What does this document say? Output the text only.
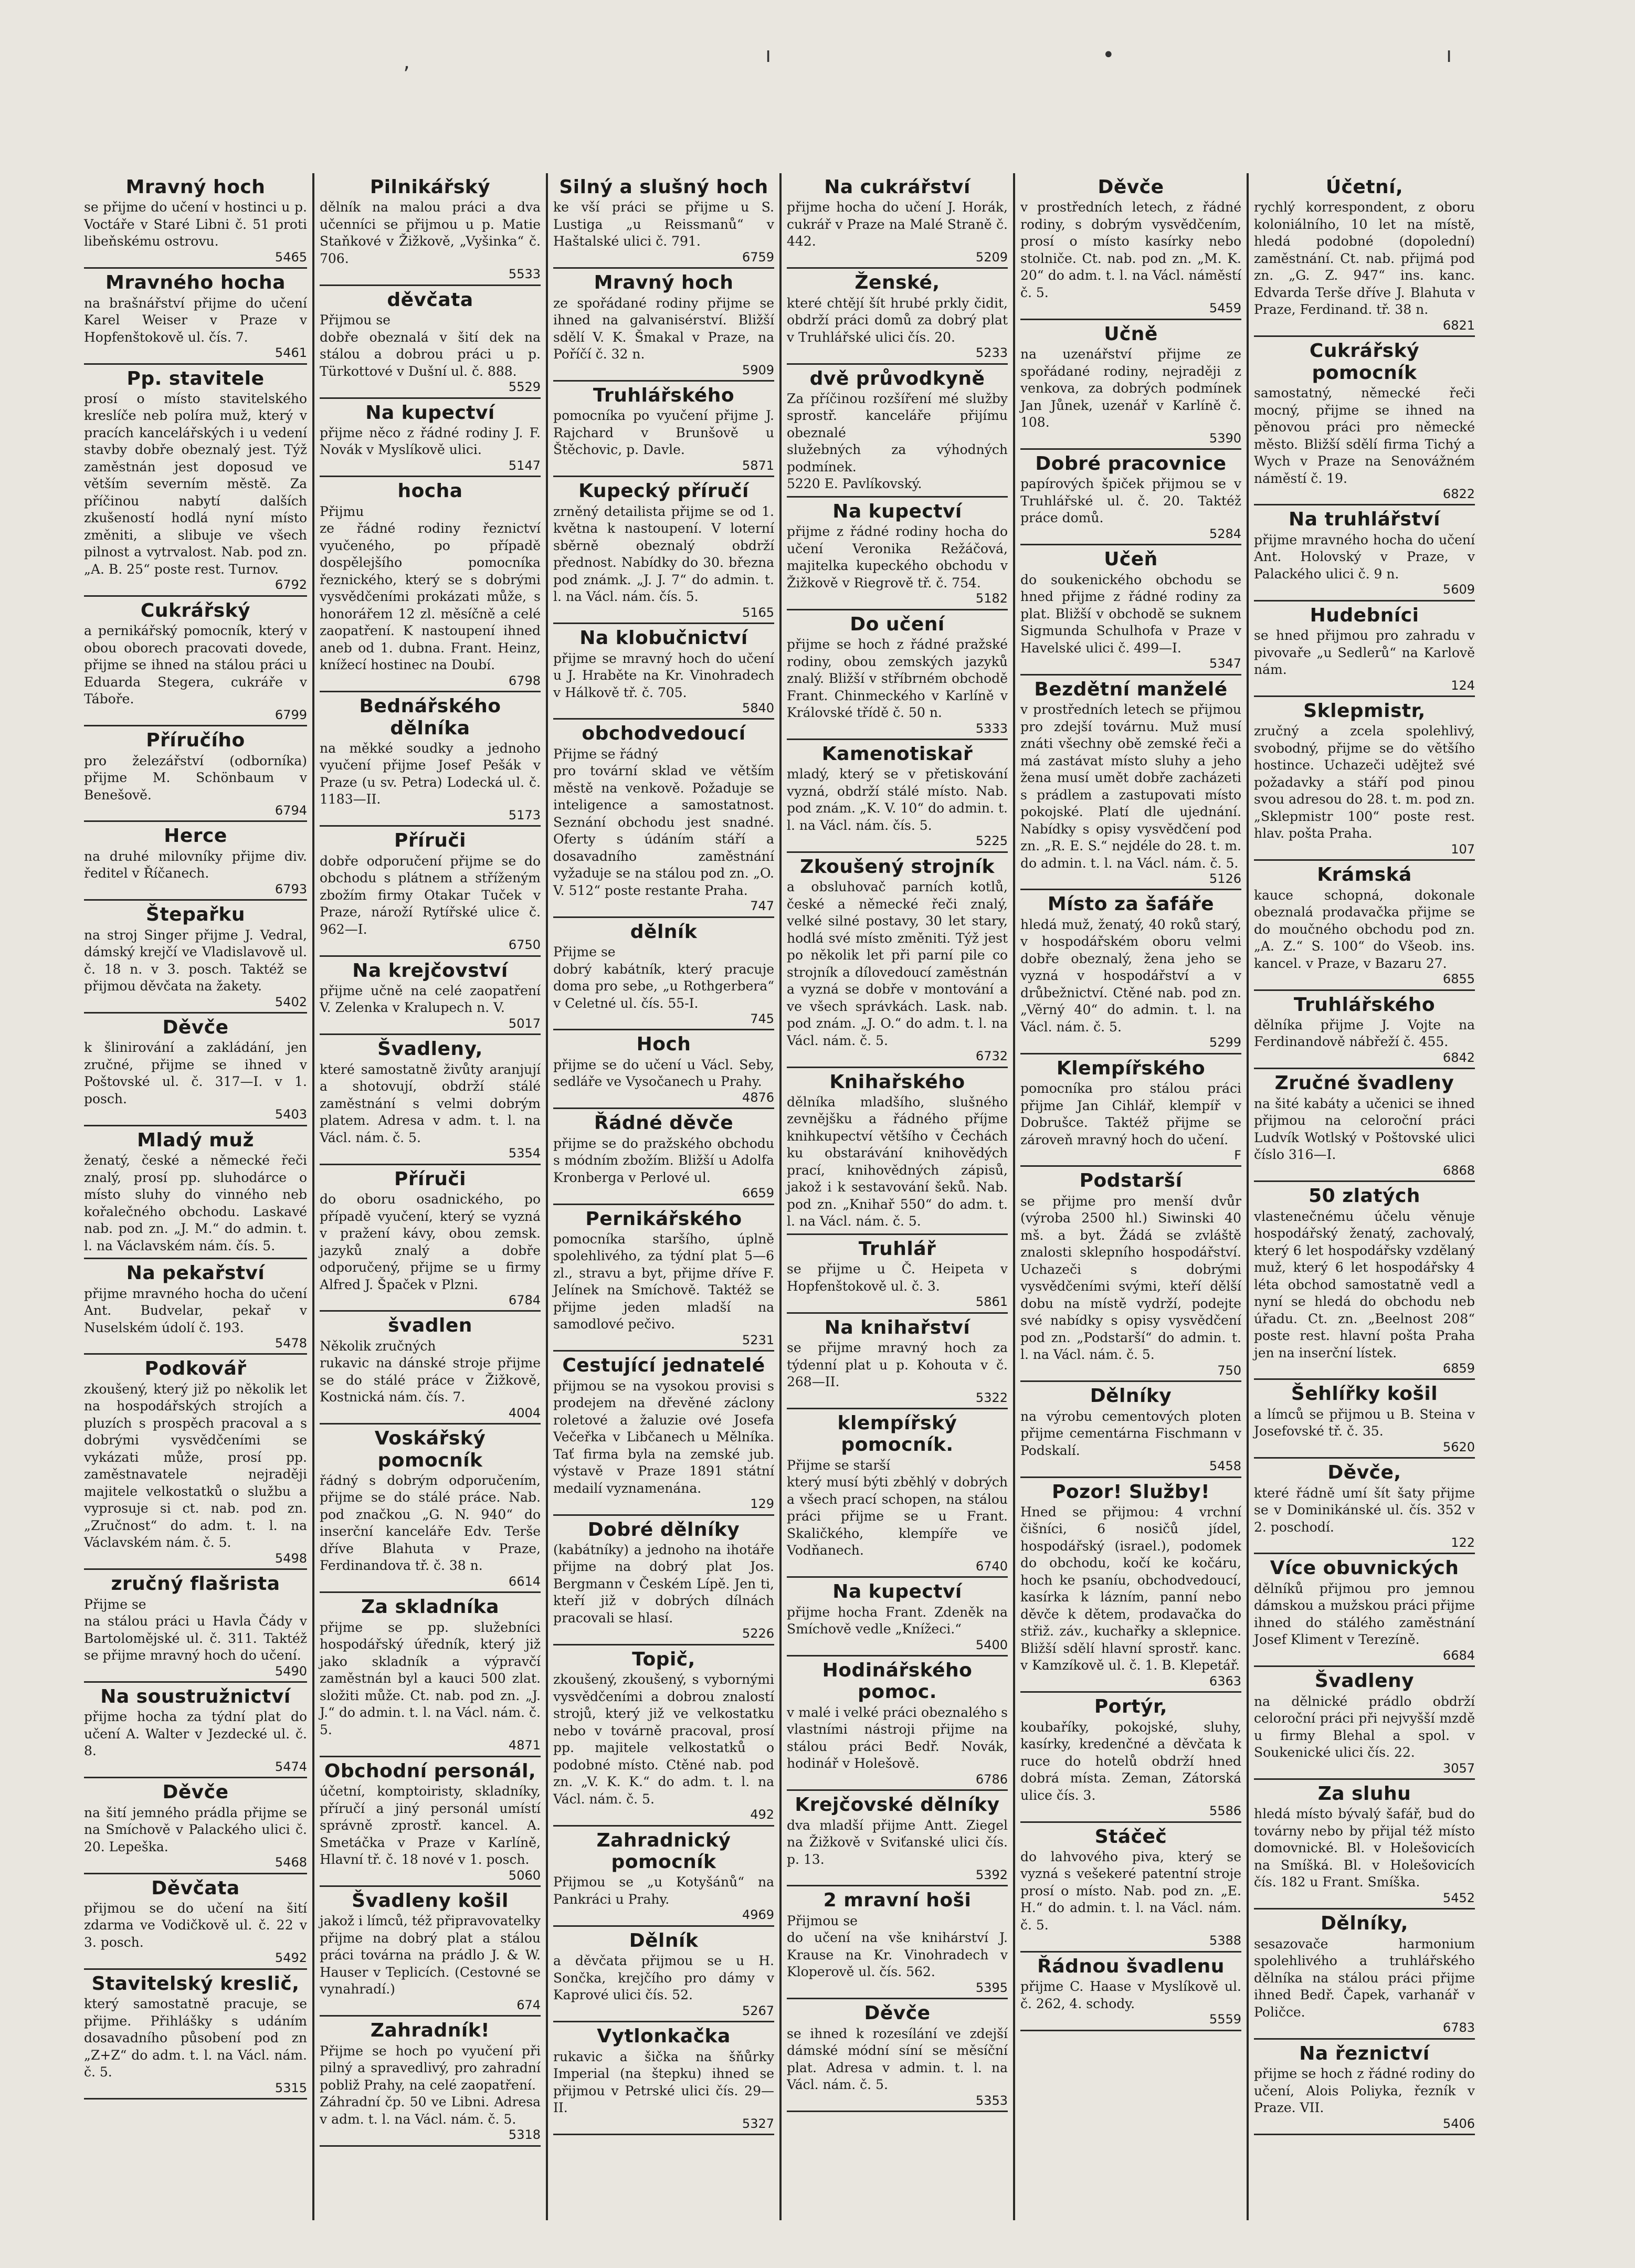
‚	ı	•	ı
Mravný hoch
se přijme do učení v hostinci u p. Voctáře v Staré Libni č. 51 proti libeňskému ostrovu.
5465
Mravného hocha
na brašnářství přijme do učení Karel Weiser v Praze v Hopfenštokově ul. čís. 7.
5461
Pp. stavitele
prosí o místo stavitelského kreslíče neb políra muž, který v pracích kancelářských i u vedení stavby dobře obeznalý jest. Týž zaměstnán jest doposud ve větším severním městě. Za příčinou nabytí dalších zkušeností hodlá nyní místo změniti, a slibuje ve všech pilnost a vytrvalost. Nab. pod zn. „A. B. 25“ poste rest. Turnov.
6792
Cukrářský
a pernikářský pomocník, který v obou oborech pracovati dovede, přijme se ihned na stálou práci u Eduarda Stegera, cukráře v Táboře.
6799
Příručího
pro železářství (odborníka) přijme M. Schönbaum v Benešově.
6794
Herce
na druhé milovníky přijme div. ředitel v Říčanech.
6793
Štepařku
na stroj Singer přijme J. Vedral, dámský krejčí ve Vladislavově ul. č. 18 n. v 3. posch. Taktéž se přijmou děvčata na žakety.
5402
Děvče
k šlinirování a zakládání, jen zručné, přijme se ihned v Poštovské ul. č. 317—I. v 1. posch.
5403
Mladý muž
ženatý, české a německé řeči znalý, prosí pp. sluhodárce o místo sluhy do vinného neb kořalečného obchodu. Laskavé nab. pod zn. „J. M.“ do admin. t. l. na Václavském nám. čís. 5.
Na pekařství
přijme mravného hocha do učení Ant. Budvelar, pekař v Nuselském údolí č. 193.
5478
Podkovář
zkoušený, který již po několik let na hospodářských strojích a pluzích s prospěch pracoval a s dobrými vysvědčeními se vykázati může, prosí pp. zaměstnavatele nejraději majitele velkostatků o službu a vyprosuje si ct. nab. pod zn. „Zručnost“ do adm. t. l. na Václavském nám. č. 5.
5498
zručný flašrista
Přijme se
na stálou práci u Havla Čády v Bartolomějské ul. č. 311. Taktéž se přijme mravný hoch do učení.
5490
Na soustružnictví
přijme hocha za týdní plat do učení A. Walter v Jezdecké ul. č. 8.
5474
Děvče
na šití jemného prádla přijme se na Smíchově v Palackého ulici č. 20. Lepeška.
5468
Děvčata
přijmou se do učení na šití zdarma ve Vodičkově ul. č. 22 v 3. posch.
5492
Stavitelský kreslič,
který samostatně pracuje, se přijme. Přihlášky s udáním dosavadního působení pod zn „Z+Z“ do adm. t. l. na Václ. nám. č. 5.
5315
Pilnikářský
dělník na malou práci a dva učenníci se přijmou u p. Matie Staňkové v Žižkově, „Vyšinka“ č. 706.
5533
děvčata
Přijmou se
dobře obeznalá v šití dek na stálou a dobrou práci u p. Türkottové v Dušní ul. č. 888.
5529
Na kupectví
přijme něco z řádné rodiny J. F. Novák v Myslíkově ulici.
5147
hocha
Přijmu
ze řádné rodiny řeznictví vyučeného, po případě dospělejšího pomocníka řeznického, který se s dobrými vysvědčeními prokázati může, s honorářem 12 zl. měsíčně a celé zaopatření. K nastoupení ihned aneb od 1. dubna. Frant. Heinz, knížecí hostinec na Doubí.
6798
Bednářského dělníka
na měkké soudky a jednoho vyučení přijme Josef Pešák v Praze (u sv. Petra) Lodecká ul. č. 1183—II.
5173
Příruči
dobře odporučení přijme se do obchodu s plátnem a stříženým zbožím firmy Otakar Tuček v Praze, nároží Rytířské ulice č. 962—I.
6750
Na krejčovství
přijme učně na celé zaopatření V. Zelenka v Kralupech n. V.
5017
Švadleny,
které samostatně živůty aranjují a shotovují, obdrží stálé zaměstnání s velmi dobrým platem. Adresa v adm. t. l. na Václ. nám. č. 5.
5354
Příruči
do oboru osadnického, po případě vyučení, který se vyzná v pražení kávy, obou zemsk. jazyků znalý a dobře odporučený, přijme se u firmy Alfred J. Špaček v Plzni.
6784
švadlen
Několik zručných
rukavic na dánské stroje přijme se do stálé práce v Žižkově, Kostnická nám. čís. 7.
4004
Voskářský pomocník
řádný s dobrým odporučením, přijme se do stálé práce. Nab. pod značkou „G. N. 940“ do inserční kanceláře Edv. Terše dříve Blahuta v Praze, Ferdinandova tř. č. 38 n.
6614
Za skladníka
přijme se pp. služebníci hospodářský úředník, který již jako skladník a výpravčí zaměstnán byl a kauci 500 zlat. složiti může. Ct. nab. pod zn. „J. J.“ do admin. t. l. na Václ. nám. č. 5.
4871
Obchodní personál,
účetní, komptoiristy, skladníky, příručí a jiný personál umístí správně zprostř. kancel. A. Smetáčka v Praze v Karlíně, Hlavní tř. č. 18 nové v 1. posch.
5060
Švadleny košil
jakož i límců, též připravovatelky přijme na dobrý plat a stálou práci továrna na prádlo J. & W. Hauser v Teplicích. (Cestovné se vynahradí.)
674
Zahradník!
Přijme se hoch po vyučení při pilný a spravedlivý, pro zahradní pobliž Prahy, na celé zaopatření.
Záhradní čp. 50 ve Libni. Adresa v adm. t. l. na Václ. nám. č. 5.
5318
Silný a slušný hoch
ke vší práci se přijme u S. Lustiga „u Reissmanů“ v Haštalské ulici č. 791.
6759
Mravný hoch
ze spořádané rodiny přijme se ihned na galvanisérství. Bližší sdělí V. K. Šmakal v Praze, na Poříčí č. 32 n.
5909
Truhlářského
pomocníka po vyučení přijme J. Rajchard v Brunšově u Štěchovic, p. Davle.
5871
Kupecký příručí
zrněný detailista přijme se od 1. května k nastoupení. V loterní sběrně obeznalý obdrží přednost. Nabídky do 30. března pod známk. „J. J. 7“ do admin. t. l. na Václ. nám. čís. 5.
5165
Na klobučnictví
přijme se mravný hoch do učení u J. Hraběte na Kr. Vinohradech v Hálkově tř. č. 705.
5840
obchodvedoucí
Přijme se řádný
pro tovární sklad ve větším městě na venkově. Požaduje se inteligence a samostatnost. Seznání obchodu jest snadné. Oferty s údáním stáří a dosavadního zaměstnání vyžaduje se na stálou pod zn. „O. V. 512“ poste restante Praha.
747
dělník
Přijme se
dobrý kabátník, který pracuje doma pro sebe, „u Rothgerbera“ v Celetné ul. čís. 55-I.
745
Hoch
přijme se do učení u Václ. Seby, sedláře ve Vysočanech u Prahy.
4876
Řádné děvče
přijme se do pražského obchodu s módním zbožím. Bližší u Adolfa Kronberga v Perlové ul.
6659
Pernikářského
pomocníka staršího, úplně spolehlivého, za týdní plat 5—6 zl., stravu a byt, přijme dříve F. Jelínek na Smíchově. Taktéž se přijme jeden mladší na samodlové pečivo.
5231
Cestující jednatelé
přijmou se na vysokou provisi s prodejem na dřevěné záclony roletové a žaluzie ové Josefa Večeřka v Libčanech u Mělníka. Tať firma byla na zemské jub. výstavě v Praze 1891 státní medailí vyznamenána.
129
Dobré dělníky
(kabátníky) a jednoho na ihotáře přijme na dobrý plat Jos. Bergmann v Českém Lípě. Jen ti, kteří již v dobrých dílnách pracovali se hlasí.
5226
Topič,
zkoušený, zkoušený, s vybornými vysvědčeními a dobrou znalostí strojů, který již ve velkostatku nebo v továrně pracoval, prosí pp. majitele velkostatků o podobné místo. Ctěné nab. pod zn. „V. K. K.“ do adm. t. l. na Václ. nám. č. 5.
492
Zahradnický pomocník
Přijmou se „u Kotyšánů“ na Pankráci u Prahy.
4969
Dělník
a děvčata přijmou se u H. Sončka, krejčího pro dámy v Kaprové ulici čís. 52.
5267
Vytlonkačka
rukavic a šička na šňůrky Imperial (na štepku) ihned se přijmou v Petrské ulici čís. 29—II.
5327
Na cukrářství
přijme hocha do učení J. Horák, cukrář v Praze na Malé Straně č. 442.
5209
Ženské,
které chtějí šít hrubé prkly čidit, obdrží práci domů za dobrý plat v Truhlářské ulici čís. 20.
5233
dvě průvodkyně
Za příčinou rozšíření mé služby sprostř. kanceláře přijímu obeznalé
služebných za výhodných podmínek.
5220 E. Pavlíkovský.
Na kupectví
přijme z řádné rodiny hocha do učení Veronika Režáčová, majitelka kupeckého obchodu v Žižkově v Riegrově tř. č. 754.
5182
Do učení
přijme se hoch z řádné pražské rodiny, obou zemských jazyků znalý. Bližší v stříbrném obchodě Frant. Chinmeckého v Karlíně v Královské třídě č. 50 n.
5333
Kamenotiskař
mladý, který se v přetiskování vyzná, obdrží stálé místo. Nab. pod znám. „K. V. 10“ do admin. t. l. na Václ. nám. čís. 5.
5225
Zkoušený strojník
a obsluhovač parních kotlů, české a německé řeči znalý, velké silné postavy, 30 let stary, hodlá své místo změniti. Týž jest po několik let při parní pile co strojník a dílovedoucí zaměstnán a vyzná se dobře v montování a ve všech správkách. Lask. nab. pod znám. „J. O.“ do adm. t. l. na Václ. nám. č. 5.
6732
Knihařského
dělníka mladšího, slušného zevnějšku a řádného příjme knihkupectví většího v Čechách ku obstarávání knihovědých prací, knihovědných zápisů, jakož i k sestavování šeků. Nab. pod zn. „Knihař 550“ do adm. t. l. na Václ. nám. č. 5.
Truhlář
se přijme u Č. Heipeta v Hopfenštokově ul. č. 3.
5861
Na knihařství
se přijme mravný hoch za týdenní plat u p. Kohouta v č. 268—II.
5322
klempířský pomocník.
Přijme se starší
který musí býti zběhlý v dobrých a všech prací schopen, na stálou práci přijme se u Frant. Skaličkého, klempíře ve Vodňanech.
6740
Na kupectví
přijme hocha Frant. Zdeněk na Smíchově vedle „Knížeci.“
5400
Hodinářského pomoc.
v malé i velké práci obeznalého s vlastními nástroji přijme na stálou práci Bedř. Novák, hodinář v Holešově.
6786
Krejčovské dělníky
dva mladší přijme Antt. Ziegel na Žižkově v Sviťanské ulici čís. p. 13.
5392
2 mravní hoši
Přijmou se
do učení na vše knihárství J. Krause na Kr. Vinohradech v Kloperově ul. čís. 562.
5395
Děvče
se ihned k rozesílání ve zdejší dámské módní síní se měsíční plat. Adresa v admin. t. l. na Václ. nám. č. 5.
5353
Děvče
v prostředních letech, z řádné rodiny, s dobrým vysvědčením, prosí o místo kasírky nebo stolniče. Ct. nab. pod zn. „M. K. 20“ do adm. t. l. na Václ. náměstí č. 5.
5459
Učně
na uzenářství přijme ze spořádané rodiny, nejraději z venkova, za dobrých podmínek Jan Jůnek, uzenář v Karlíně č. 108.
5390
Dobré pracovnice
papírových špiček přijmou se v Truhlářské ul. č. 20. Taktéž práce domů.
5284
Učeň
do soukenického obchodu se hned přijme z řádné rodiny za plat. Bližší v obchodě se suknem Sigmunda Schulhofa v Praze v Havelské ulici č. 499—I.
5347
Bezdětní manželé
v prostředních letech se přijmou pro zdejší továrnu. Muž musí znáti všechny obě zemské řeči a má zastávat místo sluhy a jeho žena musí umět dobře zacházeti s prádlem a zastupovati místo pokojské. Platí dle ujednání. Nabídky s opisy vysvědčení pod zn. „R. E. S.“ nejdéle do 28. t. m. do admin. t. l. na Václ. nám. č. 5.
5126
Místo za šafáře
hledá muž, ženatý, 40 roků starý, v hospodářském oboru velmi dobře obeznalý, žena jeho se vyzná v hospodářství a v drůbežnictví. Ctěné nab. pod zn. „Věrný 40“ do admin. t. l. na Václ. nám. č. 5.
5299
Klempířského
pomocníka pro stálou práci přijme Jan Cihlář, klempíř v Dobrušce. Taktéž přijme se zároveň mravný hoch do učení.
F
Podstarší
se přijme pro menší dvůr (výroba 2500 hl.) Siwinski 40 mš. a byt. Žádá se zvláště znalosti sklepního hospodářství. Uchazeči s dobrými vysvědčeními svými, kteří dělší dobu na místě vydrží, podejte své nabídky s opisy vysvědčení pod zn. „Podstarší“ do admin. t. l. na Václ. nám. č. 5.
750
Dělníky
na výrobu cementových ploten přijme cementárna Fischmann v Podskalí.
5458
Pozor! Služby!
Hned se přijmou: 4 vrchní čišníci, 6 nosičů jídel, hospodářský (israel.), podomek do obchodu, kočí ke kočáru, hoch ke psaníu, obchodvedoucí, kasírka k lázním, panní nebo děvče k dětem, prodavačka do střiž. záv., kuchařky a sklepnice. Bližší sdělí hlavní sprostř. kanc. v Kamzíkově ul. č. 1. B. Klepetář.
6363
Portýr,
koubaříky, pokojské, sluhy, kasírky, kredenčné a děvčata k ruce do hotelů obdrží hned dobrá místa. Zeman, Zátorská ulice čís. 3.
5586
Stáčeč
do lahvového piva, který se vyzná s vešekeré patentní stroje prosí o místo. Nab. pod zn. „E. H.“ do admin. t. l. na Václ. nám. č. 5.
5388
Řádnou švadlenu
přijme C. Haase v Myslíkově ul. č. 262, 4. schody.
5559
Účetní,
rychlý korrespondent, z oboru koloniálního, 10 let na místě, hledá podobné (dopolední) zaměstnání. Ct. nab. přijmá pod zn. „G. Z. 947“ ins. kanc. Edvarda Terše dříve J. Blahuta v Praze, Ferdinand. tř. 38 n.
6821
Cukrářský pomocník
samostatný, německé řeči mocný, přijme se ihned na pěnovou práci pro německé město. Bližší sdělí firma Tichý a Wych v Praze na Senovážném náměstí č. 19.
6822
Na truhlářství
přijme mravného hocha do učení Ant. Holovský v Praze, v Palackého ulici č. 9 n.
5609
Hudebníci
se hned přijmou pro zahradu v pivovaře „u Sedlerů“ na Karlově nám.
124
Sklepmistr,
zručný a zcela spolehlivý, svobodný, přijme se do většího hostince. Uchazeči udějtež své požadavky a stáří pod pinou svou adresou do 28. t. m. pod zn. „Sklepmistr 100“ poste rest. hlav. pošta Praha.
107
Krámská
kauce schopná, dokonale obeznalá prodavačka přijme se do moučného obchodu pod zn. „A. Z.“ S. 100“ do Všeob. ins. kancel. v Praze, v Bazaru 27.
6855
Truhlářského
dělníka přijme J. Vojte na Ferdinandově nábřeží č. 455.
6842
Zručné švadleny
na šité kabáty a učenici se ihned přijmou na celoroční práci Ludvík Wotlský v Poštovské ulici číslo 316—I.
6868
50 zlatých
vlastenečnému účelu věnuje hospodářský ženatý, zachovalý, který 6 let hospodářsky vzdělaný muž, který 6 let hospodářsky 4 léta obchod samostatně vedl a nyní se hledá do obchodu neb úřadu. Ct. zn. „Beelnost 208“ poste rest. hlavní pošta Praha jen na inserční lístek.
6859
Šehlířky košil
a límců se přijmou u B. Steina v Josefovské tř. č. 35.
5620
Děvče,
které řádně umí šít šaty přijme se v Dominikánské ul. čís. 352 v 2. poschodí.
122
Více obuvnických
dělníků přijmou pro jemnou dámskou a mužskou práci přijme ihned do stálého zaměstnání Josef Kliment v Terezíně.
6684
Švadleny
na dělnické prádlo obdrží celoroční práci při nejvyšší mzdě u firmy Blehal a spol. v Soukenické ulici čís. 22.
3057
Za sluhu
hledá místo bývalý šafář, bud do továrny nebo by přijal též místo domovnické. Bl. v Holešovicích na Smíšká. Bl. v Holešovicích čís. 182 u Frant. Smíška.
5452
Dělníky,
sesazovače harmonium spolehlivého a truhlářského dělníka na stálou práci přijme ihned Bedř. Čapek, varhanář v Poličce.
6783
Na řeznictví
přijme se hoch z řádné rodiny do učení, Alois Poliyka, řezník v Praze. VII.
5406
